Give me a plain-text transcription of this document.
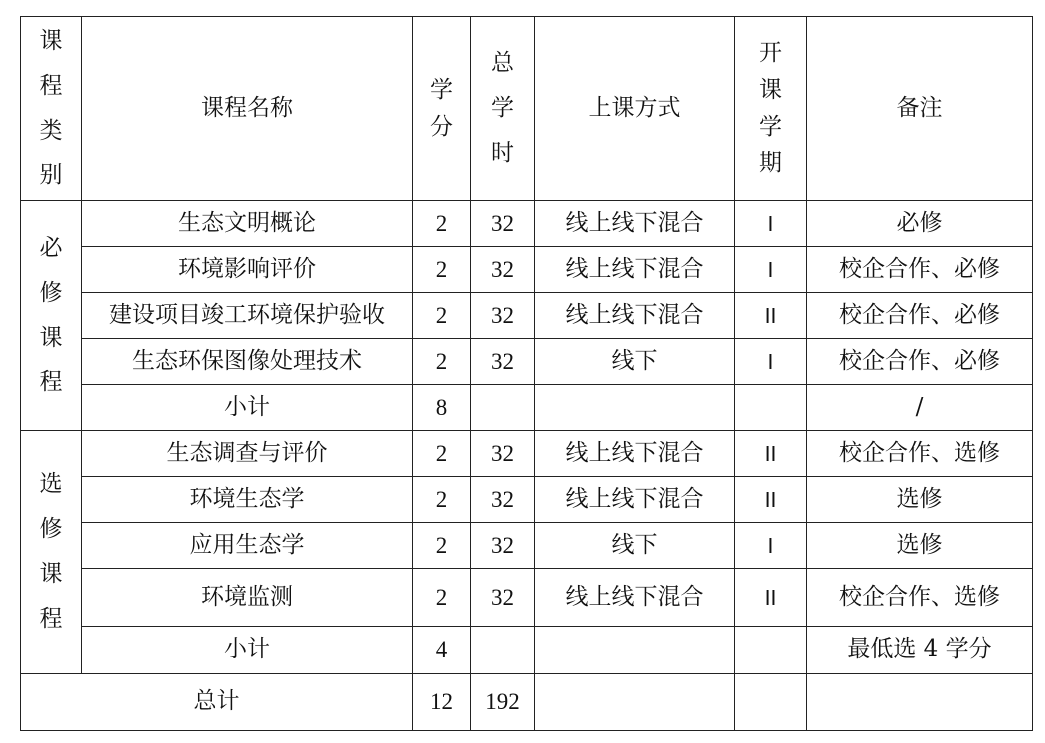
课程类别	课程名称	学分	总学时	上课方式	开课学期	备注
必修课程	生态文明概论	2	32	线上线下混合	I	必修
	环境影响评价	2	32	线上线下混合	I	校企合作、必修
	建设项目竣工环境保护验收	2	32	线上线下混合	II	校企合作、必修
	生态环保图像处理技术	2	32	线下	I	校企合作、必修
	小计	8				/
选修课程	生态调查与评价	2	32	线上线下混合	II	校企合作、选修
	环境生态学	2	32	线上线下混合	II	选修
	应用生态学	2	32	线下	I	选修
	环境监测	2	32	线上线下混合	II	校企合作、选修
	小计	4				最低选 4 学分
总计		12	192			
